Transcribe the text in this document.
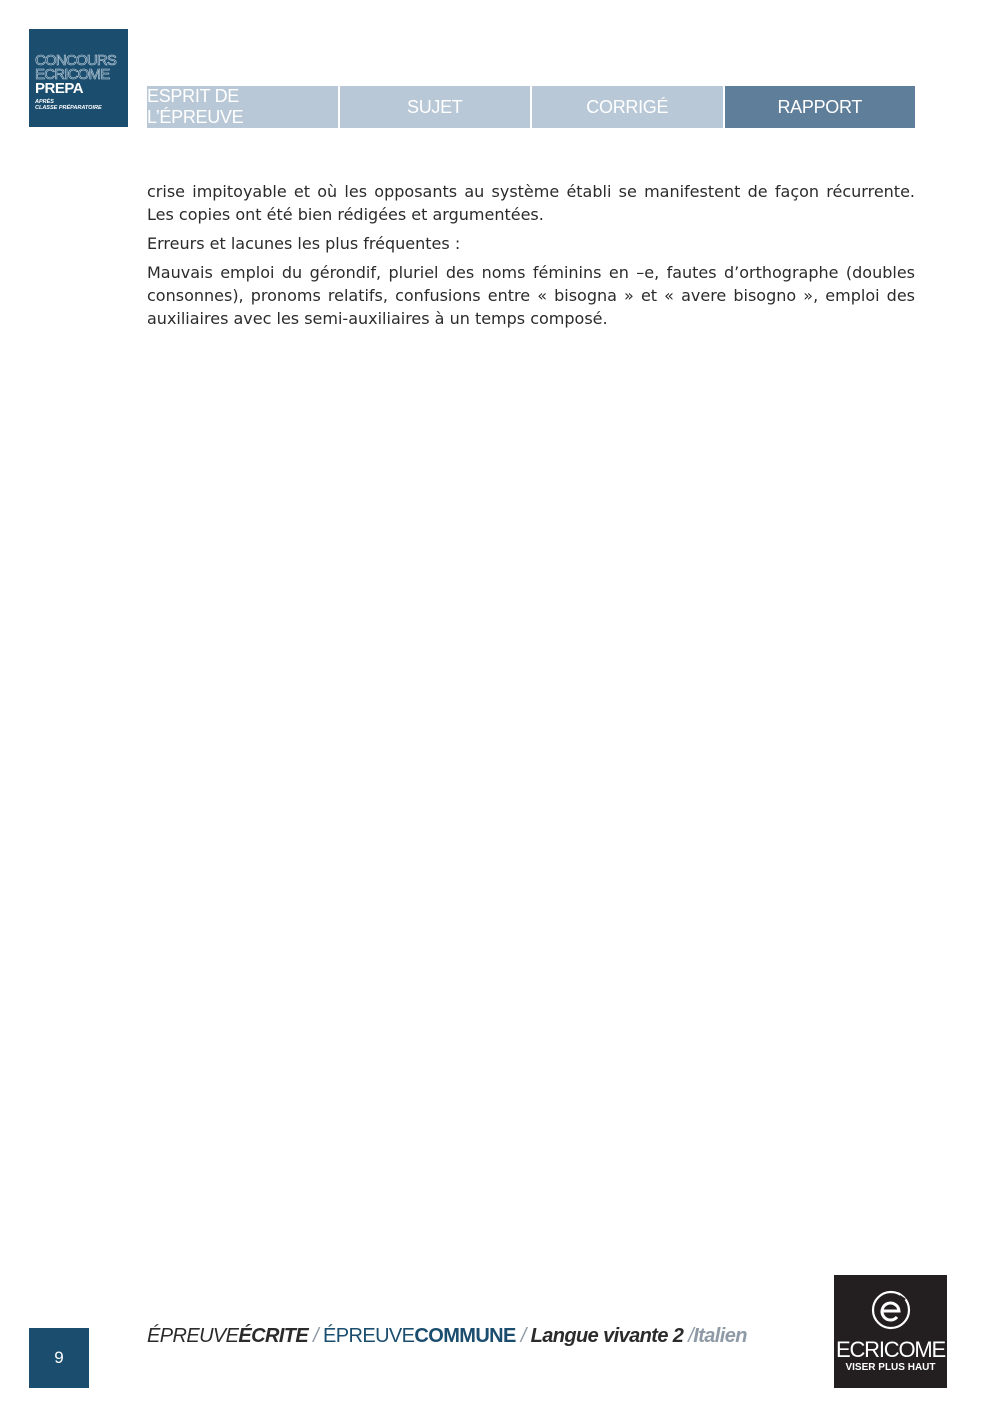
CONCOURS
ECRICOME
PREPA
APRÈS
CLASSE PRÉPARATOIRE
ESPRIT DE L’ÉPREUVE
SUJET	CORRIGÉ	RAPPORT

crise impitoyable et où les opposants au système établi se manifestent de façon récurrente. Les copies ont été bien rédigées et argumentées.

Erreurs et lacunes les plus fréquentes :

Mauvais emploi du gérondif, pluriel des noms féminins en –e, fautes d’orthographe (doubles consonnes), pronoms relatifs, confusions entre « bisogna » et « avere bisogno », emploi des auxiliaires avec les semi-auxiliaires à un temps composé.

9
ÉPREUVEÉCRITE / ÉPREUVECOMMUNE / Langue vivante 2 /Italien
ECRICOME
VISER PLUS HAUT
